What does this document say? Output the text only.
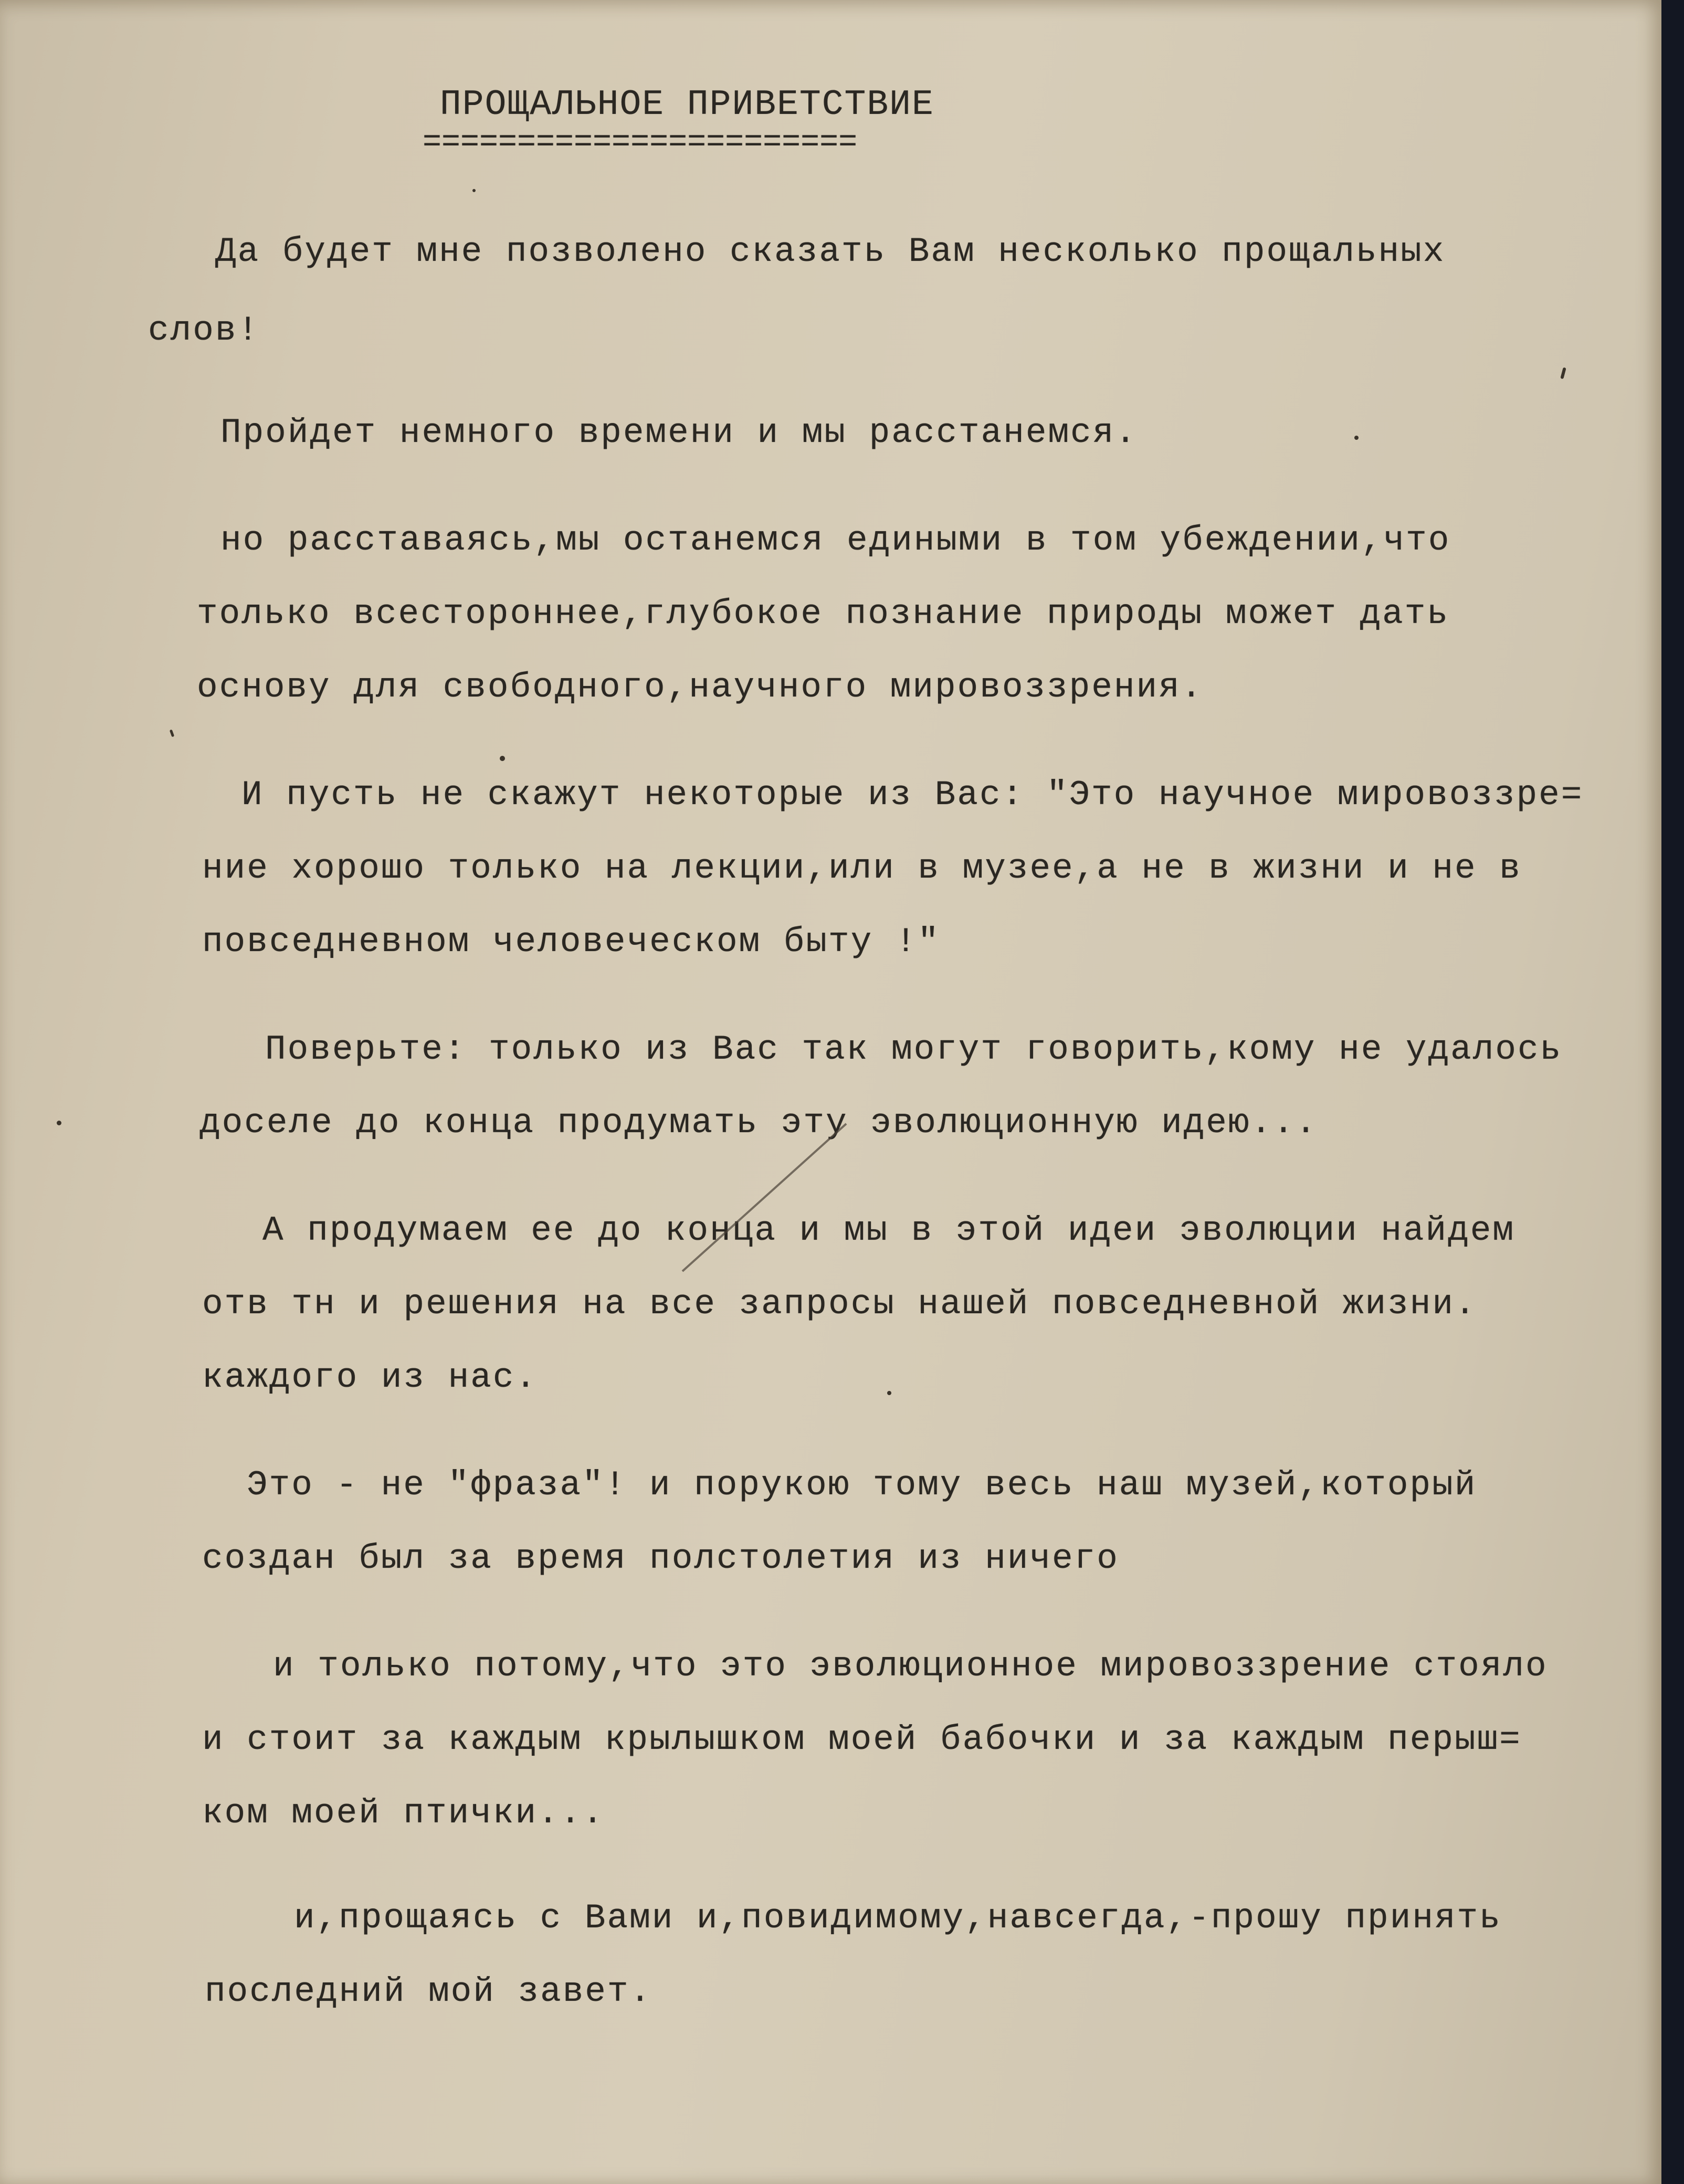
ПРОЩАЛЬНОЕ ПРИВЕТСТВИЕ
=======================
Да будет мне позволено сказать Вам несколько прощальных
слов!
Пройдет немного времени и мы расстанемся.
но расставаясь,мы останемся едиными в том убеждении,что
только всестороннее,глубокое познание природы может дать
основу для свободного,научного мировоззрения.
И пусть не скажут некоторые из Вас: "Это научное мировоззре=
ние хорошо только на лекции,или в музее,а не в жизни и не в
повседневном человеческом быту !"
Поверьте: только из Вас так могут говорить,кому не удалось
доселе до конца продумать эту эволюционную идею...
А продумаем ее до конца и мы в этой идеи эволюции найдем
отв тн и решения на все запросы нашей повседневной жизни.
каждого из нас.
Это - не "фраза"! и порукою тому весь наш музей,который
создан был за время полстолетия из ничего
и только потому,что это эволюционное мировоззрение стояло
и стоит за каждым крылышком моей бабочки и за каждым перыш=
ком моей птички...
и,прощаясь с Вами и,повидимому,навсегда,-прошу принять
последний мой завет.
